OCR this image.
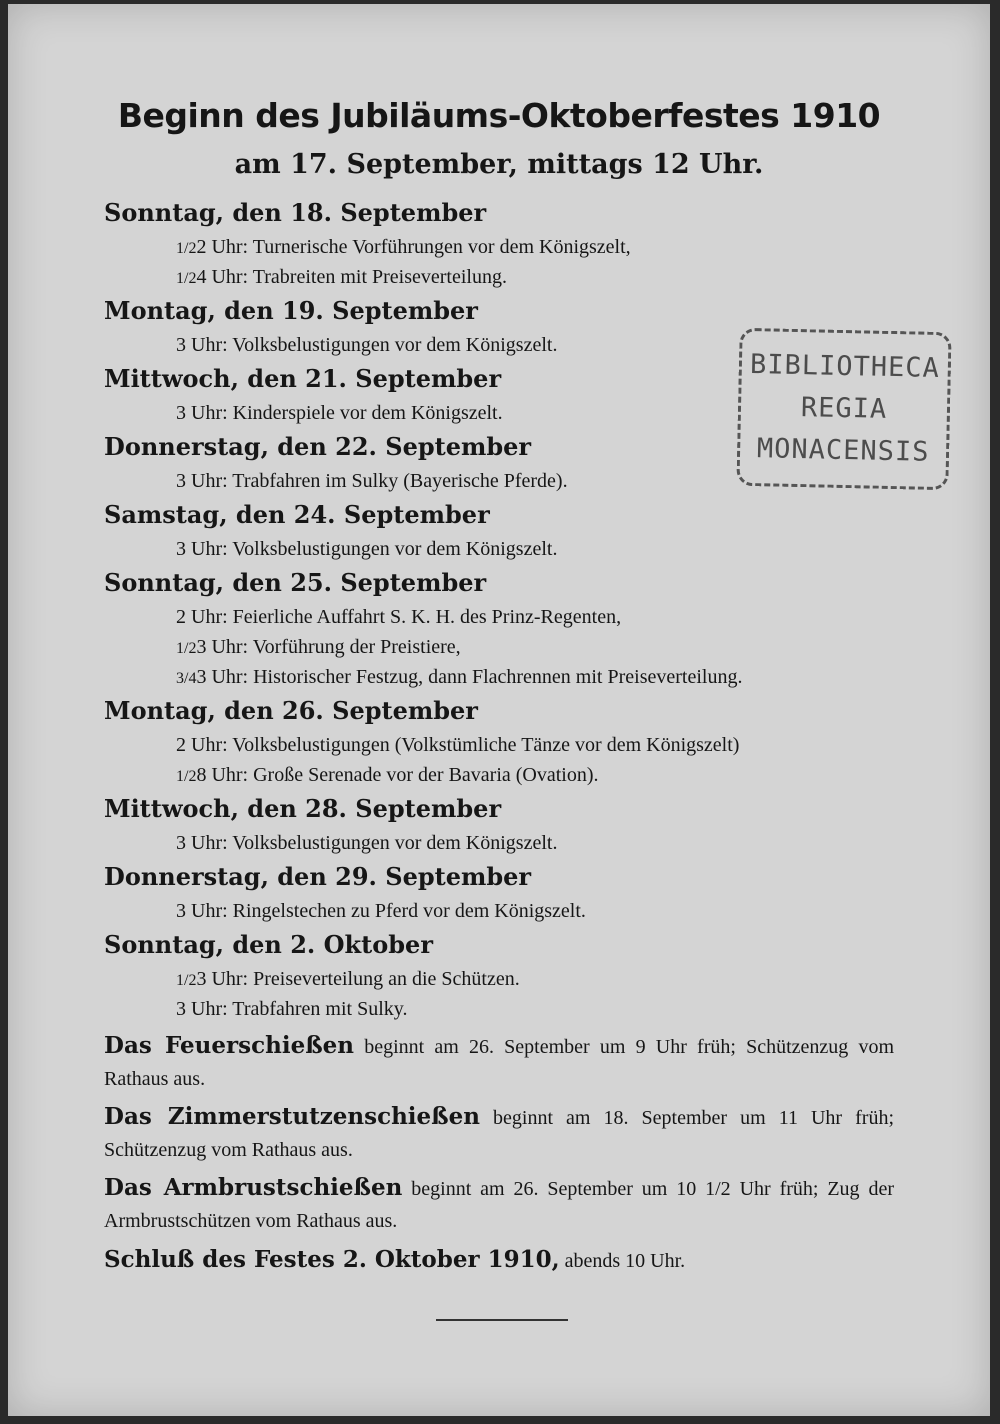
Beginn des Jubiläums-Oktoberfestes 1910

am 17. September, mittags 12 Uhr.

Sonntag, den 18. September

1/22 Uhr: Turnerische Vorführungen vor dem Königszelt,

1/24 Uhr: Trabreiten mit Preiseverteilung.

Montag, den 19. September

3 Uhr: Volksbelustigungen vor dem Königszelt.

Mittwoch, den 21. September

3 Uhr: Kinderspiele vor dem Königszelt.

Donnerstag, den 22. September

3 Uhr: Trabfahren im Sulky (Bayerische Pferde).

Samstag, den 24. September

3 Uhr: Volksbelustigungen vor dem Königszelt.

Sonntag, den 25. September

2 Uhr: Feierliche Auffahrt S. K. H. des Prinz-Regenten,

1/23 Uhr: Vorführung der Preistiere,

3/43 Uhr: Historischer Festzug, dann Flachrennen mit Preiseverteilung.

Montag, den 26. September

2 Uhr: Volksbelustigungen (Volkstümliche Tänze vor dem Königszelt)

1/28 Uhr: Große Serenade vor der Bavaria (Ovation).

Mittwoch, den 28. September

3 Uhr: Volksbelustigungen vor dem Königszelt.

Donnerstag, den 29. September

3 Uhr: Ringelstechen zu Pferd vor dem Königszelt.

Sonntag, den 2. Oktober

1/23 Uhr: Preiseverteilung an die Schützen.

3 Uhr: Trabfahren mit Sulky.

Das Feuerschießen beginnt am 26. September um 9 Uhr früh; Schützenzug vom Rathaus aus.

Das Zimmerstutzenschießen beginnt am 18. September um 11 Uhr früh; Schützenzug vom Rathaus aus.

Das Armbrustschießen beginnt am 26. September um 10 1/2 Uhr früh; Zug der Armbrustschützen vom Rathaus aus.

Schluß des Festes 2. Oktober 1910, abends 10 Uhr.

BIBLIOTHECA
REGIA
MONACENSIS
